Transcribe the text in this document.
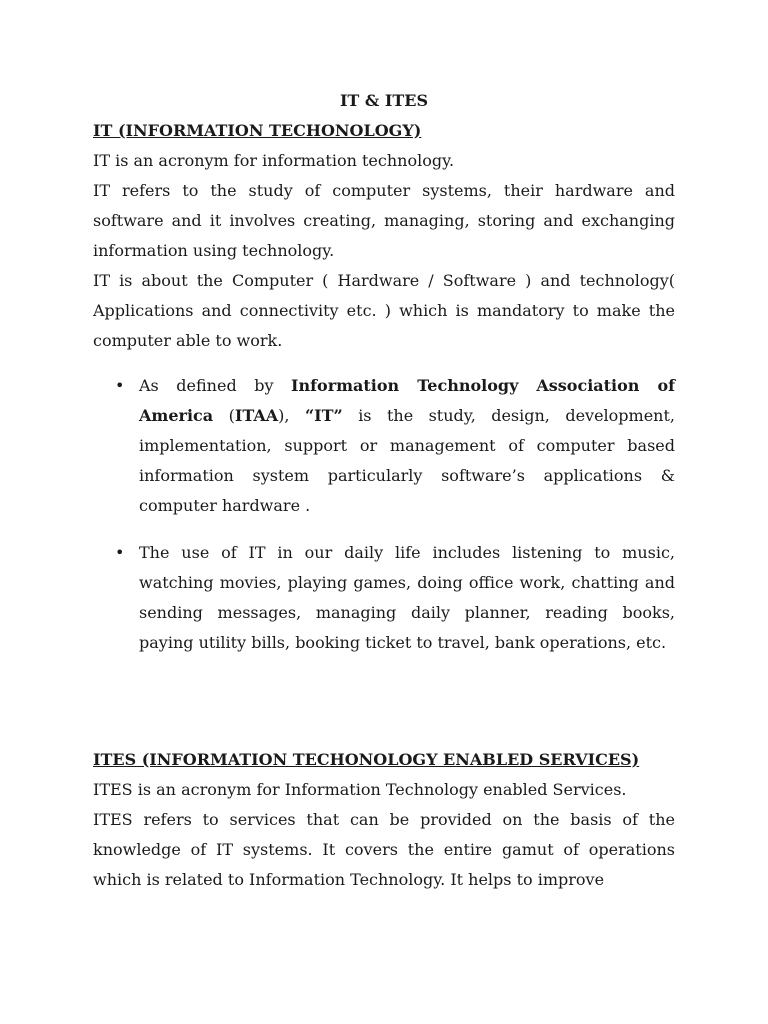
IT & ITES

IT (INFORMATION TECHONOLOGY)

IT is an acronym for information technology.

IT refers to the study of computer systems, their hardware and software and it involves creating, managing, storing and exchanging information using technology.

IT is about the Computer ( Hardware / Software ) and technology( Applications and connectivity etc. ) which is mandatory to make the computer able to work.

• As defined by Information Technology Association of America (ITAA), “IT” is the study, design, development, implementation, support or management of computer based information system particularly software’s applications & computer hardware .
• The use of IT in our daily life includes listening to music, watching movies, playing games, doing office work, chatting and sending messages, managing daily planner, reading books, paying utility bills, booking ticket to travel, bank operations, etc.

ITES (INFORMATION TECHONOLOGY ENABLED SERVICES)

ITES is an acronym for Information Technology enabled Services.

ITES refers to services that can be provided on the basis of the knowledge of IT systems. It covers the entire gamut of operations which is related to Information Technology. It helps to improve
